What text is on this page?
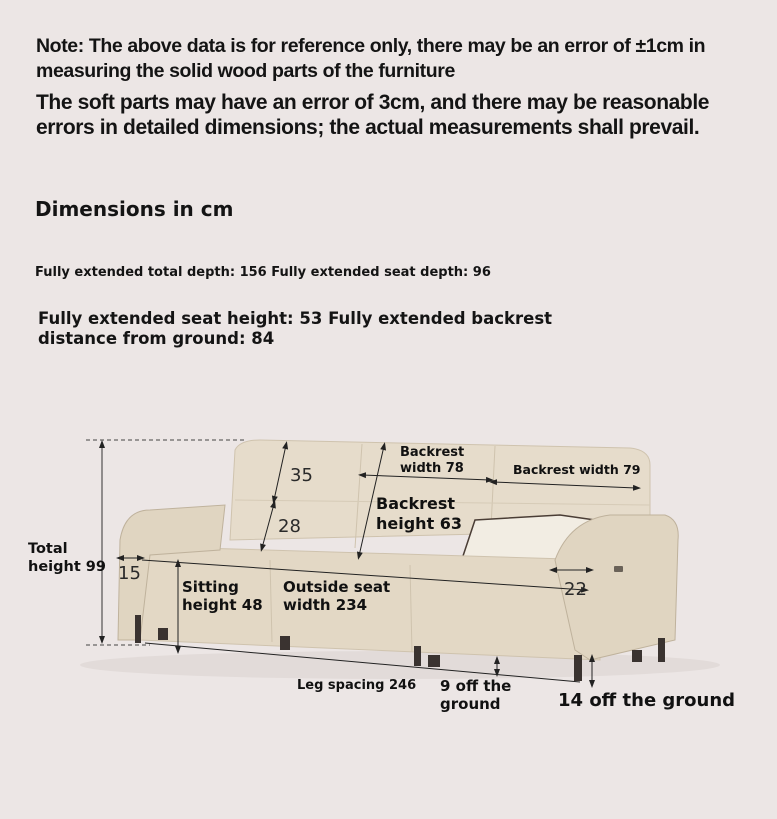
Note: The above data is for reference only, there may be an error of ±1cm in measuring the solid wood parts of the furniture
The soft parts may have an error of 3cm, and there may be reasonable errors in detailed dimensions; the actual measurements shall prevail.
Dimensions in cm
Fully extended total depth: 156 Fully extended seat depth: 96
Fully extended seat height: 53 Fully extended backrest distance from ground: 84
Total height 99
35
28
15
22
Sitting height 48
Outside seat width 234
Backrest height 63
Backrest width 78	Backrest width 79
Leg spacing 246 9 off the ground	14 off the ground
